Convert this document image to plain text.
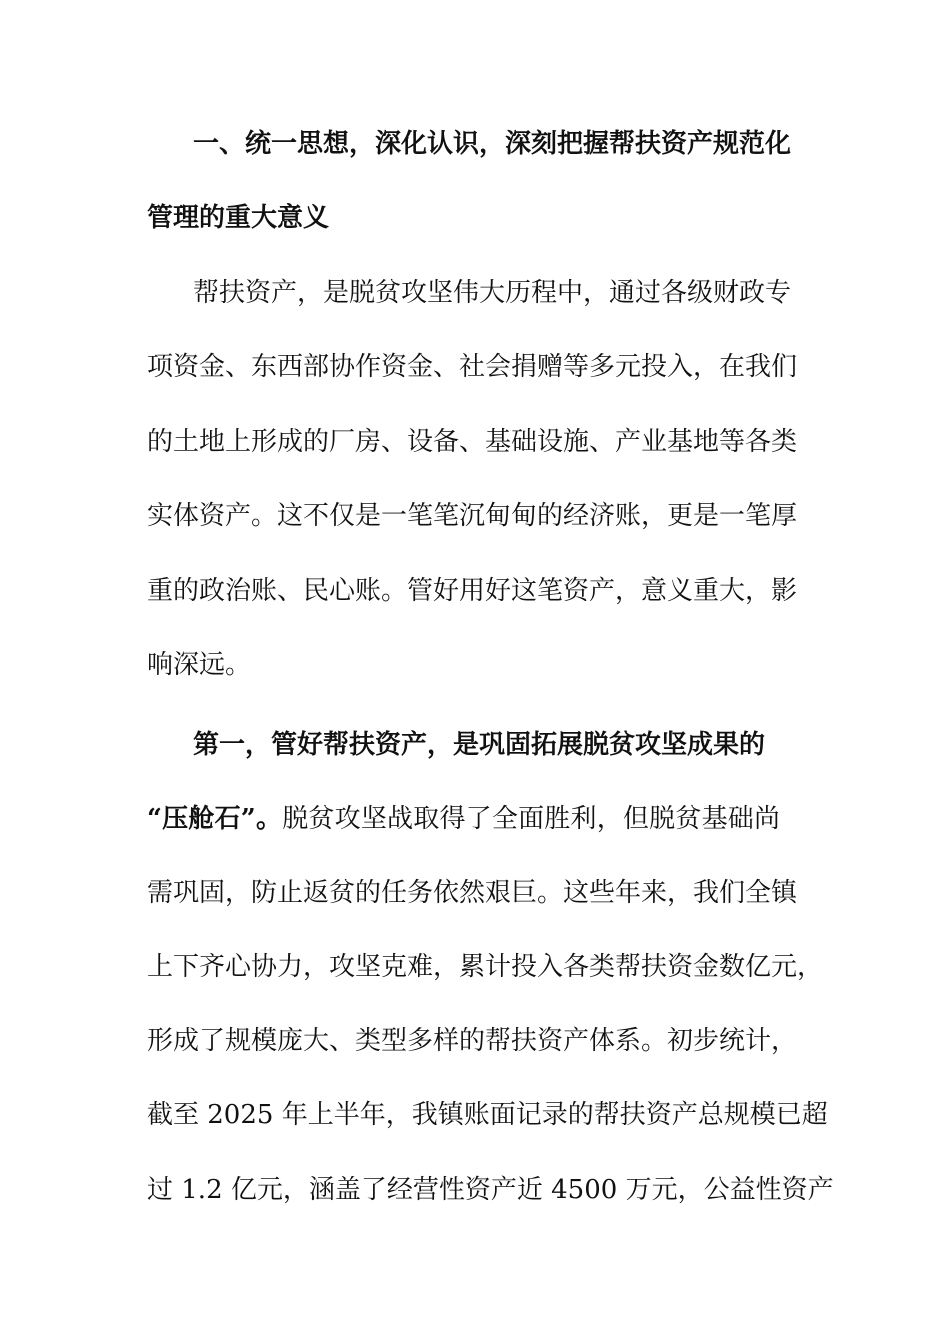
一、统一思想，深化认识，深刻把握帮扶资产规范化
管理的重大意义
帮扶资产，是脱贫攻坚伟大历程中，通过各级财政专
项资金、东西部协作资金、社会捐赠等多元投入，在我们
的土地上形成的厂房、设备、基础设施、产业基地等各类
实体资产。这不仅是一笔笔沉甸甸的经济账，更是一笔厚
重的政治账、民心账。管好用好这笔资产，意义重大，影
响深远。
第一，管好帮扶资产，是巩固拓展脱贫攻坚成果的
“压舱石”。脱贫攻坚战取得了全面胜利，但脱贫基础尚
需巩固，防止返贫的任务依然艰巨。这些年来，我们全镇
上下齐心协力，攻坚克难，累计投入各类帮扶资金数亿元，
形成了规模庞大、类型多样的帮扶资产体系。初步统计，
截至 2025 年上半年，我镇账面记录的帮扶资产总规模已超
过 1.2 亿元，涵盖了经营性资产近 4500 万元，公益性资产
